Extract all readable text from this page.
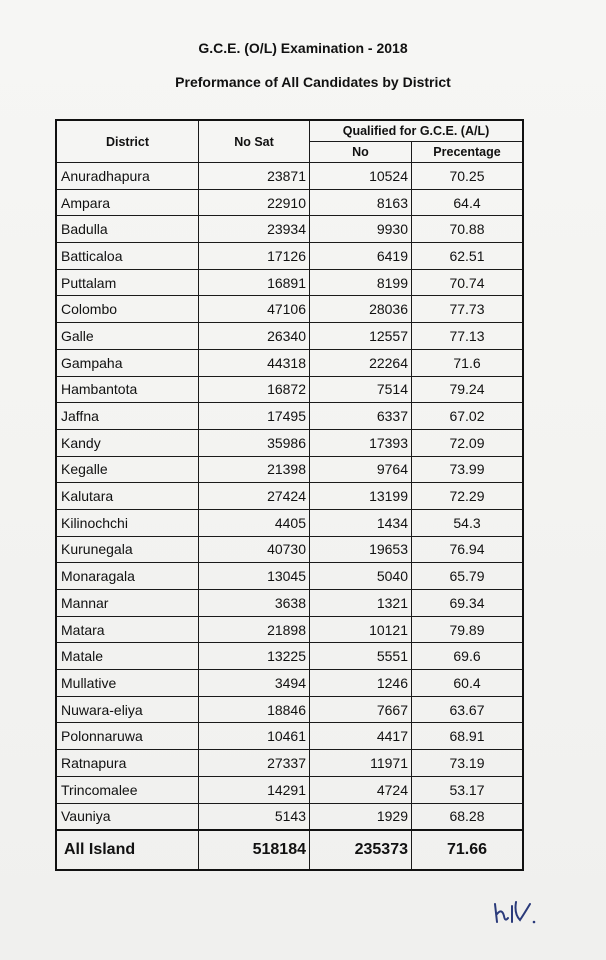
G.C.E. (O/L) Examination - 2018
Preformance of All Candidates by District
District	No Sat	Qualified for G.C.E. (A/L)	
		No	Precentage
Anuradhapura	23871	10524	70.25
Ampara	22910	8163	64.4
Badulla	23934	9930	70.88
Batticaloa	17126	6419	62.51
Puttalam	16891	8199	70.74
Colombo	47106	28036	77.73
Galle	26340	12557	77.13
Gampaha	44318	22264	71.6
Hambantota	16872	7514	79.24
Jaffna	17495	6337	67.02
Kandy	35986	17393	72.09
Kegalle	21398	9764	73.99
Kalutara	27424	13199	72.29
Kilinochchi	4405	1434	54.3
Kurunegala	40730	19653	76.94
Monaragala	13045	5040	65.79
Mannar	3638	1321	69.34
Matara	21898	10121	79.89
Matale	13225	5551	69.6
Mullative	3494	1246	60.4
Nuwara-eliya	18846	7667	63.67
Polonnaruwa	10461	4417	68.91
Ratnapura	27337	11971	73.19
Trincomalee	14291	4724	53.17
Vauniya	5143	1929	68.28
All Island	518184	235373	71.66
